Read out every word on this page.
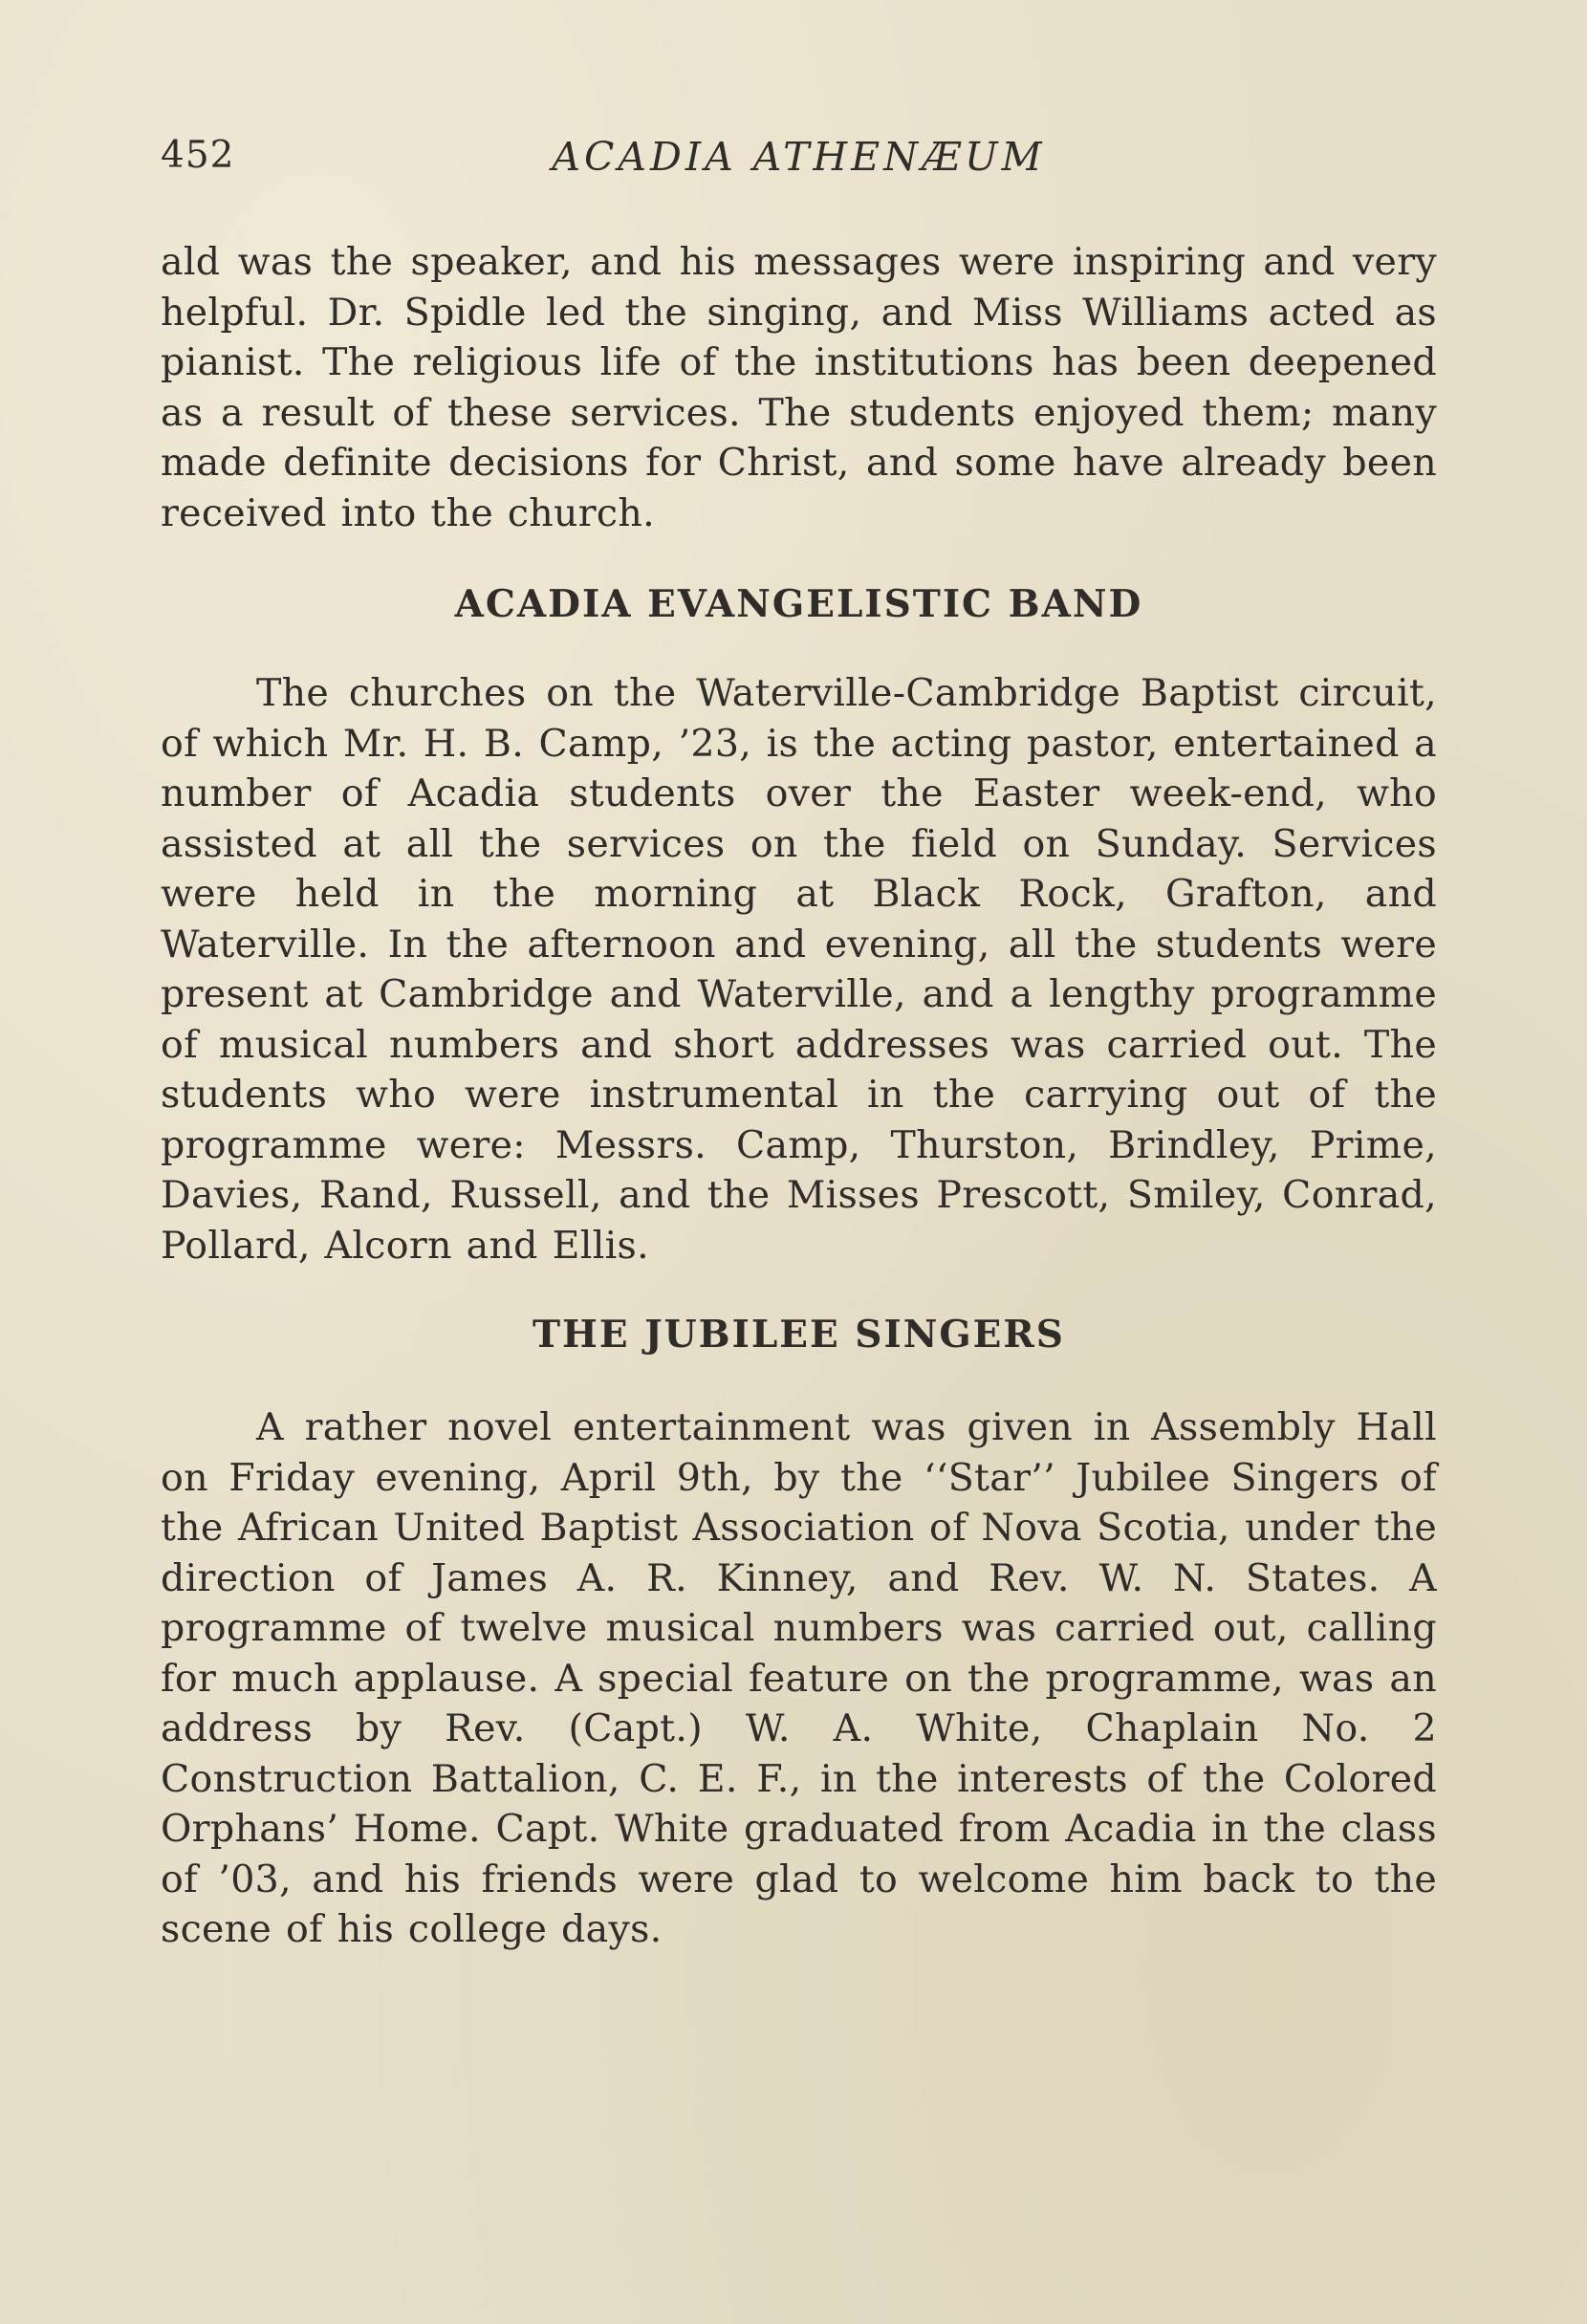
452	ACADIA ATHENÆUM

ald was the speaker, and his messages were inspiring and very helpful. Dr. Spidle led the singing, and Miss Williams acted as pianist. The religious life of the institutions has been deepened as a result of these services. The students enjoyed them; many made definite decisions for Christ, and some have already been received into the church.

ACADIA EVANGELISTIC BAND

The churches on the Waterville-Cambridge Baptist circuit, of which Mr. H. B. Camp, ’23, is the acting pastor, entertained a number of Acadia students over the Easter week-end, who assisted at all the services on the field on Sunday. Services were held in the morning at Black Rock, Grafton, and Waterville. In the afternoon and evening, all the students were present at Cambridge and Waterville, and a lengthy programme of musical numbers and short addresses was carried out. The students who were instrumental in the carrying out of the programme were: Messrs. Camp, Thurston, Brindley, Prime, Davies, Rand, Russell, and the Misses Prescott, Smiley, Conrad, Pollard, Alcorn and Ellis.

THE JUBILEE SINGERS

A rather novel entertainment was given in Assembly Hall on Friday evening, April 9th, by the ‘‘Star’’ Jubilee Singers of the African United Baptist Association of Nova Scotia, under the direction of James A. R. Kinney, and Rev. W. N. States. A programme of twelve musical numbers was carried out, calling for much applause. A special feature on the programme, was an address by Rev. (Capt.) W. A. White, Chaplain No. 2 Construction Battalion, C. E. F., in the interests of the Colored Orphans’ Home. Capt. White graduated from Acadia in the class of ’03, and his friends were glad to welcome him back to the scene of his college days.
